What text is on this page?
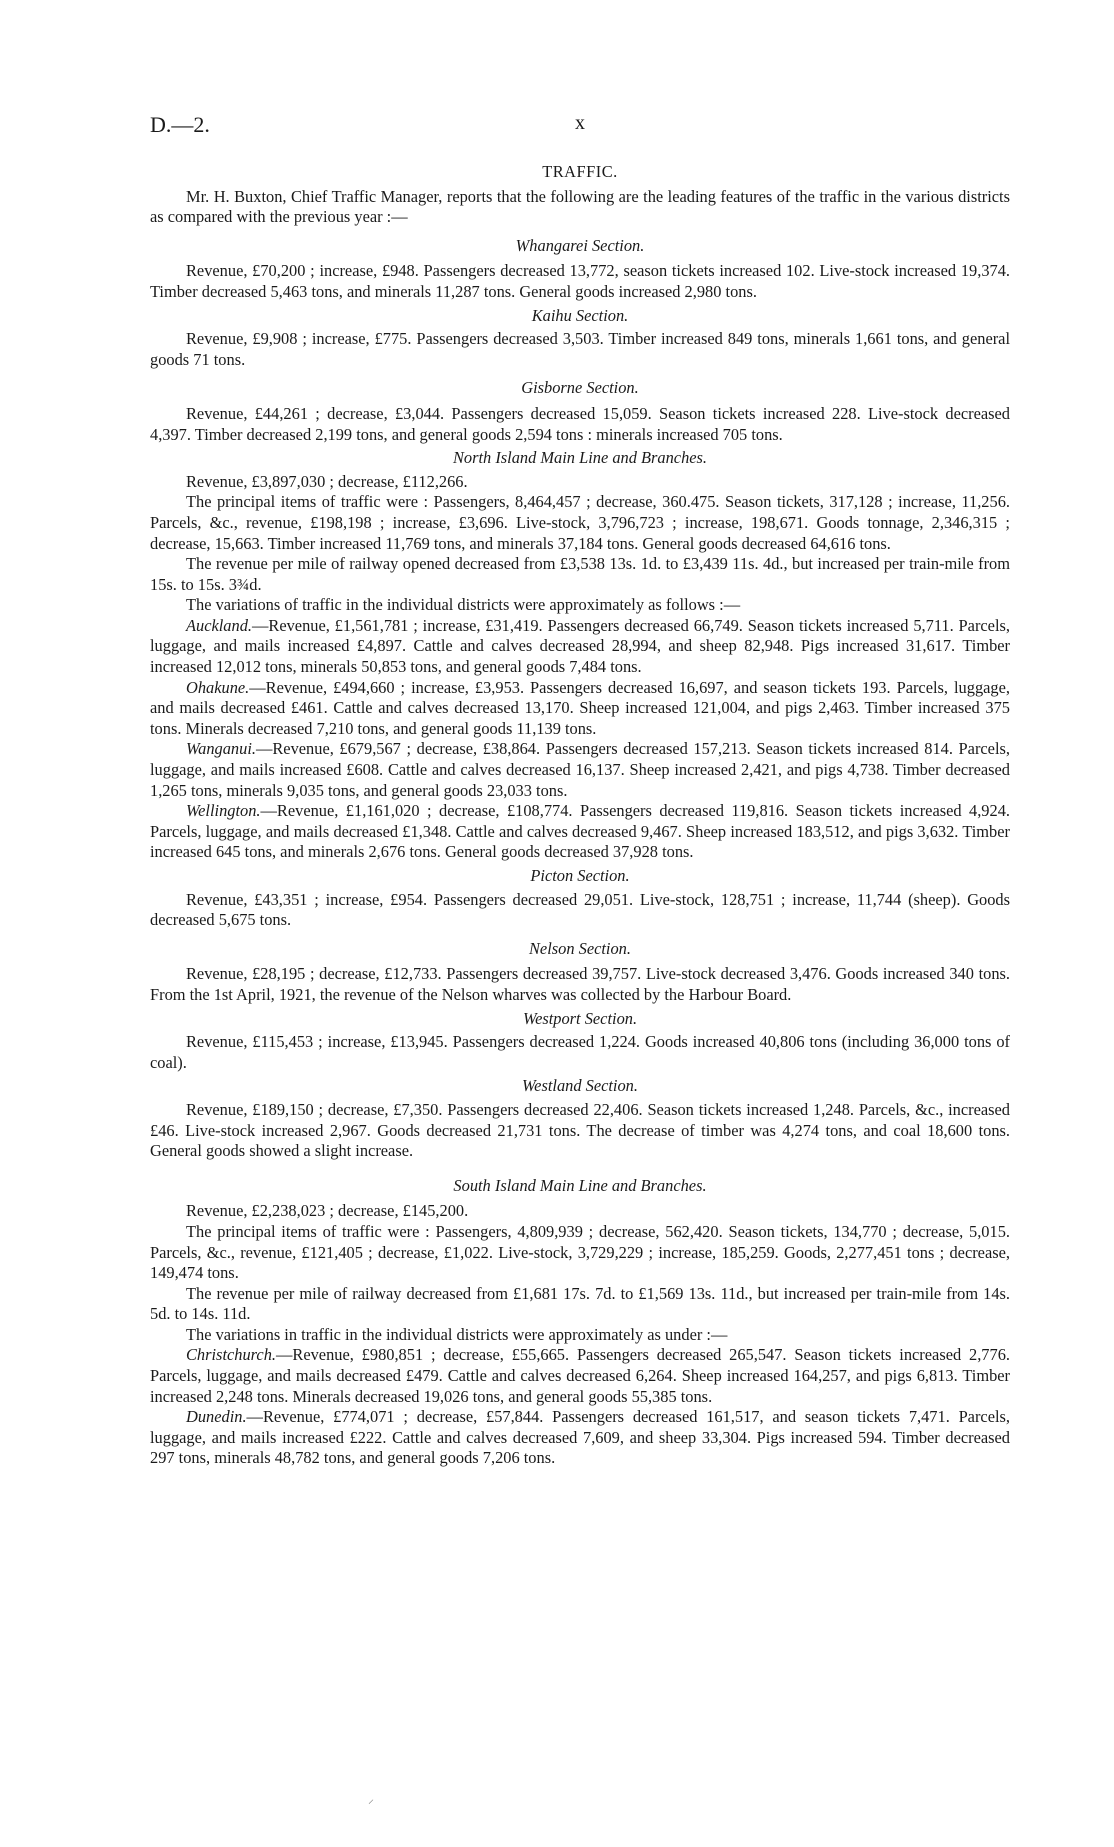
D.—2.	x
TRAFFIC.

Mr. H. Buxton, Chief Traffic Manager, reports that the following are the leading features of the traffic in the various districts as compared with the previous year :—

Whangarei Section.

Revenue, £70,200 ; increase, £948. Passengers decreased 13,772, season tickets increased 102. Live-stock increased 19,374. Timber decreased 5,463 tons, and minerals 11,287 tons. General goods increased 2,980 tons.

Kaihu Section.

Revenue, £9,908 ; increase, £775. Passengers decreased 3,503. Timber increased 849 tons, minerals 1,661 tons, and general goods 71 tons.

Gisborne Section.

Revenue, £44,261 ; decrease, £3,044. Passengers decreased 15,059. Season tickets increased 228. Live-stock decreased 4,397. Timber decreased 2,199 tons, and general goods 2,594 tons : minerals increased 705 tons.

North Island Main Line and Branches.

Revenue, £3,897,030 ; decrease, £112,266.

The principal items of traffic were : Passengers, 8,464,457 ; decrease, 360.475. Season tickets, 317,128 ; increase, 11,256. Parcels, &c., revenue, £198,198 ; increase, £3,696. Live-stock, 3,796,723 ; increase, 198,671. Goods tonnage, 2,346,315 ; decrease, 15,663. Timber increased 11,769 tons, and minerals 37,184 tons. General goods decreased 64,616 tons.

The revenue per mile of railway opened decreased from £3,538 13s. 1d. to £3,439 11s. 4d., but increased per train-mile from 15s. to 15s. 3¾d.

The variations of traffic in the individual districts were approximately as follows :—

Auckland.—Revenue, £1,561,781 ; increase, £31,419. Passengers decreased 66,749. Season tickets increased 5,711. Parcels, luggage, and mails increased £4,897. Cattle and calves decreased 28,994, and sheep 82,948. Pigs increased 31,617. Timber increased 12,012 tons, minerals 50,853 tons, and general goods 7,484 tons.

Ohakune.—Revenue, £494,660 ; increase, £3,953. Passengers decreased 16,697, and season tickets 193. Parcels, luggage, and mails decreased £461. Cattle and calves decreased 13,170. Sheep increased 121,004, and pigs 2,463. Timber increased 375 tons. Minerals decreased 7,210 tons, and general goods 11,139 tons.

Wanganui.—Revenue, £679,567 ; decrease, £38,864. Passengers decreased 157,213. Season tickets increased 814. Parcels, luggage, and mails increased £608. Cattle and calves decreased 16,137. Sheep increased 2,421, and pigs 4,738. Timber decreased 1,265 tons, minerals 9,035 tons, and general goods 23,033 tons.

Wellington.—Revenue, £1,161,020 ; decrease, £108,774. Passengers decreased 119,816. Season tickets increased 4,924. Parcels, luggage, and mails decreased £1,348. Cattle and calves decreased 9,467. Sheep increased 183,512, and pigs 3,632. Timber increased 645 tons, and minerals 2,676 tons. General goods decreased 37,928 tons.

Picton Section.

Revenue, £43,351 ; increase, £954. Passengers decreased 29,051. Live-stock, 128,751 ; increase, 11,744 (sheep). Goods decreased 5,675 tons.

Nelson Section.

Revenue, £28,195 ; decrease, £12,733. Passengers decreased 39,757. Live-stock decreased 3,476. Goods increased 340 tons. From the 1st April, 1921, the revenue of the Nelson wharves was collected by the Harbour Board.

Westport Section.

Revenue, £115,453 ; increase, £13,945. Passengers decreased 1,224. Goods increased 40,806 tons (including 36,000 tons of coal).

Westland Section.

Revenue, £189,150 ; decrease, £7,350. Passengers decreased 22,406. Season tickets increased 1,248. Parcels, &c., increased £46. Live-stock increased 2,967. Goods decreased 21,731 tons. The decrease of timber was 4,274 tons, and coal 18,600 tons. General goods showed a slight increase.

South Island Main Line and Branches.

Revenue, £2,238,023 ; decrease, £145,200.

The principal items of traffic were : Passengers, 4,809,939 ; decrease, 562,420. Season tickets, 134,770 ; decrease, 5,015. Parcels, &c., revenue, £121,405 ; decrease, £1,022. Live-stock, 3,729,229 ; increase, 185,259. Goods, 2,277,451 tons ; decrease, 149,474 tons.

The revenue per mile of railway decreased from £1,681 17s. 7d. to £1,569 13s. 11d., but increased per train-mile from 14s. 5d. to 14s. 11d.

The variations in traffic in the individual districts were approximately as under :—

Christchurch.—Revenue, £980,851 ; decrease, £55,665. Passengers decreased 265,547. Season tickets increased 2,776. Parcels, luggage, and mails decreased £479. Cattle and calves decreased 6,264. Sheep increased 164,257, and pigs 6,813. Timber increased 2,248 tons. Minerals decreased 19,026 tons, and general goods 55,385 tons.

Dunedin.—Revenue, £774,071 ; decrease, £57,844. Passengers decreased 161,517, and season tickets 7,471. Parcels, luggage, and mails increased £222. Cattle and calves decreased 7,609, and sheep 33,304. Pigs increased 594. Timber decreased 297 tons, minerals 48,782 tons, and general goods 7,206 tons.

⸝
